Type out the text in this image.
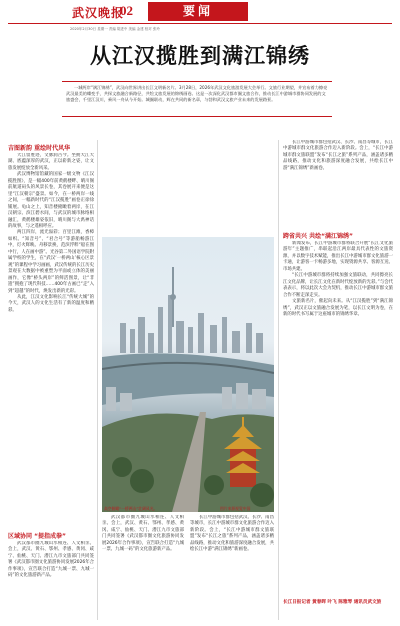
武汉晚报
02	要闻
2020年2月30日 星期一 责编 胡进中 美编 金建 校对 张玲
从江汉揽胜到满江锦绣
一城两岸“满江锦绣”，武汉向世界讲出长江文明新名片。3月28日，2026年武汉文化旅游发展大会举行。文旅行业期望，并宣布着力擦亮武汉最美的蝶变手，共探文旅融合新路径，共绘文旅发展的锦绣画卷。这是一次深化武汉都市圈文旅合作，推动长江中游城市群协同发展的文旅盛会，千里江汉川，乘风一舟从今开始。城圈联动，辉在共同的新名章，与勃和武汉文旅产业未来的发展路景。
吉图新韵 重绘时代风华

大江留胜迹，文脉润古今。坐拥大江大湖、底蕴深厚的武汉，正以崭新之姿，让文旅发展绽放全新风采。

武汉博物馆馆藏的国家一级文物《江汉揽胜图》，是一幅400年前黄鹤楼畔、晴川阁前航道码头的风景长卷，其卷展开来便是这里“江汉朝宗”盛景。如今，在一桥两岸一线之间，一幅新时代的“江汉揽胜”画卷正徐徐铺展。龟山之上，知音楼俯瞰着两岸，在江汉朝宗、滨江碧水间，与武汉的城市脉络相融汇，黄鹤楼雄姿依旧，晴川阁与大禹神话的故事，与之遥相呼应。

两江四岸，流光溢彩；百里江滩，香樟如织。“知音号”、“君合号”等游船畅游江中，灯火辉映。舟移景换，范滨浮粹“船在图中行，人在画中游”。光谷第二外国语学院附属学校的学生，在“武汉‘一桥两山’核心区景观”的课程中学习画画，武汉传统的长江历史景观在大数据中被重塑为平面或立体的美丽画作，它像“桥头两岸”的鲜活图景，让“非遗”拥抱了现代科技……400年古画已“走”入到“超越”的时代，焕发出新的光彩。

从此，江汉文化影响长江“传统大城”的今天，武汉人的文化生活有了新的温度和精彩。

区域协同 “提指成拳”

武汉都市圈九城山水相连、人文相亲。会上，武汉、黄石、鄂州、孝感、黄冈、咸宁、仙桃、天门、潜江九市文旅部门共同签署《武汉都市圈文化旅游协同发展2026年合作事项》，宣告联合打造“九城一票、九城一码”的文化旅游新产品。

长江中游城市群包括武汉、长沙、南昌等城市，长江中游城市群文化旅游合作迈入新阶段。会上，“长江中游城市群文旅联盟”发布“长江之旅”系列产品，涵盖诸多精品线路，推动文化和旅游深度融合发展，共绘长江中游“满江锦绣”新画卷。

跨省共兴 共绘“满江锦绣”

新闻发布，长江中游城市群将联合开展“长江文化旅游年”主题推广，串联起沿江两岸最具代表性的文旅资源，并以数字技术赋能，推出长江中游城市群文化旅游一卡通，让游客一卡畅游多地，实现资源共享、客源互送、市场共建。

“长江中游城市群将持续加强文旅联动，共同擦亮长江文化品牌，让长江文化在新时代绽放新的光彩。”与会代表表示，将以此次大会为契机，推动长江中游城市群文旅合作不断走深走实。

文旅新名片，催起向未来。从“江汉揽胜”到“满江锦绣”，武汉正以文旅融合发展为笔，以长江文明为卷，在新的时代书写属于这座城市的锦绣华章。

长江日报记者 黄春晖 叶飞 陈雅琴 通讯员武文旅
高空俯瞰“一桥两山”壮阔风光。	图片来源视觉中国

武汉都市圈九城山水相连、人文相亲。会上，武汉、黄石、鄂州、孝感、黄冈、咸宁、仙桃、天门、潜江九市文旅部门共同签署《武汉都市圈文化旅游协同发展2026年合作事项》，宣告联合打造“九城一票、九城一码”的文化旅游新产品。

长江中游城市群包括武汉、长沙、南昌等城市，长江中游城市群文化旅游合作迈入新阶段。会上，“长江中游城市群文旅联盟”发布“长江之旅”系列产品，涵盖诸多精品线路，推动文化和旅游深度融合发展，共绘长江中游“满江锦绣”新画卷。
